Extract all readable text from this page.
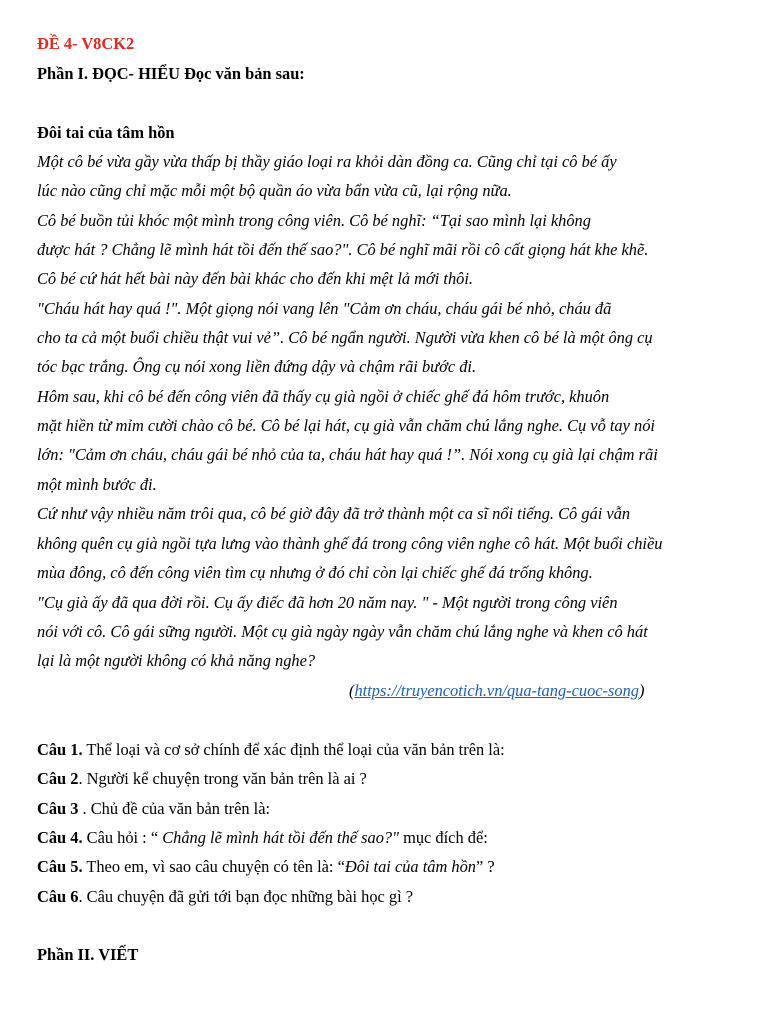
ĐỀ 4- V8CK2
Phần I. ĐỌC- HIỂU Đọc văn bản sau:
Đôi tai của tâm hồn
Một cô bé vừa gầy vừa thấp bị thầy giáo loại ra khỏi dàn đồng ca. Cũng chỉ tại cô bé ấy
lúc nào cũng chỉ mặc mỗi một bộ quần áo vừa bẩn vừa cũ, lại rộng nữa.
Cô bé buồn tủi khóc một mình trong công viên. Cô bé nghĩ: “Tại sao mình lại không
được hát ? Chẳng lẽ mình hát tồi đến thế sao?". Cô bé nghĩ mãi rồi cô cất giọng hát khe khẽ.
Cô bé cứ hát hết bài này đến bài khác cho đến khi mệt lả mới thôi.
"Cháu hát hay quá !". Một giọng nói vang lên "Cảm ơn cháu, cháu gái bé nhỏ, cháu đã
cho ta cả một buổi chiều thật vui vẻ”. Cô bé ngẩn người. Người vừa khen cô bé là một ông cụ
tóc bạc trắng. Ông cụ nói xong liền đứng dậy và chậm rãi bước đi.
Hôm sau, khi cô bé đến công viên đã thấy cụ già ngồi ở chiếc ghế đá hôm trước, khuôn
mặt hiền từ mỉm cười chào cô bé. Cô bé lại hát, cụ già vẫn chăm chú lắng nghe. Cụ vỗ tay nói
lớn: "Cảm ơn cháu, cháu gái bé nhỏ của ta, cháu hát hay quá !”. Nói xong cụ già lại chậm rãi
một mình bước đi.
Cứ như vậy nhiều năm trôi qua, cô bé giờ đây đã trở thành một ca sĩ nổi tiếng. Cô gái vẫn
không quên cụ già ngồi tựa lưng vào thành ghế đá trong công viên nghe cô hát. Một buổi chiều
mùa đông, cô đến công viên tìm cụ nhưng ở đó chỉ còn lại chiếc ghế đá trống không.
"Cụ già ấy đã qua đời rồi. Cụ ấy điếc đã hơn 20 năm nay. " - Một người trong công viên
nói với cô. Cô gái sững người. Một cụ già ngày ngày vẫn chăm chú lắng nghe và khen cô hát
lại là một người không có khả năng nghe?
(https://truyencotich.vn/qua-tang-cuoc-song)
Câu 1. Thể loại và cơ sở chính để xác định thể loại của văn bản trên là:
Câu 2. Người kể chuyện trong văn bản trên là ai ?
Câu 3 . Chủ đề của văn bản trên là:
Câu 4. Câu hỏi : “ Chẳng lẽ mình hát tồi đến thế sao?" mục đích để:
Câu 5. Theo em, vì sao câu chuyện có tên là: “Đôi tai của tâm hồn” ?
Câu 6. Câu chuyện đã gửi tới bạn đọc những bài học gì ?
Phần II. VIẾT
